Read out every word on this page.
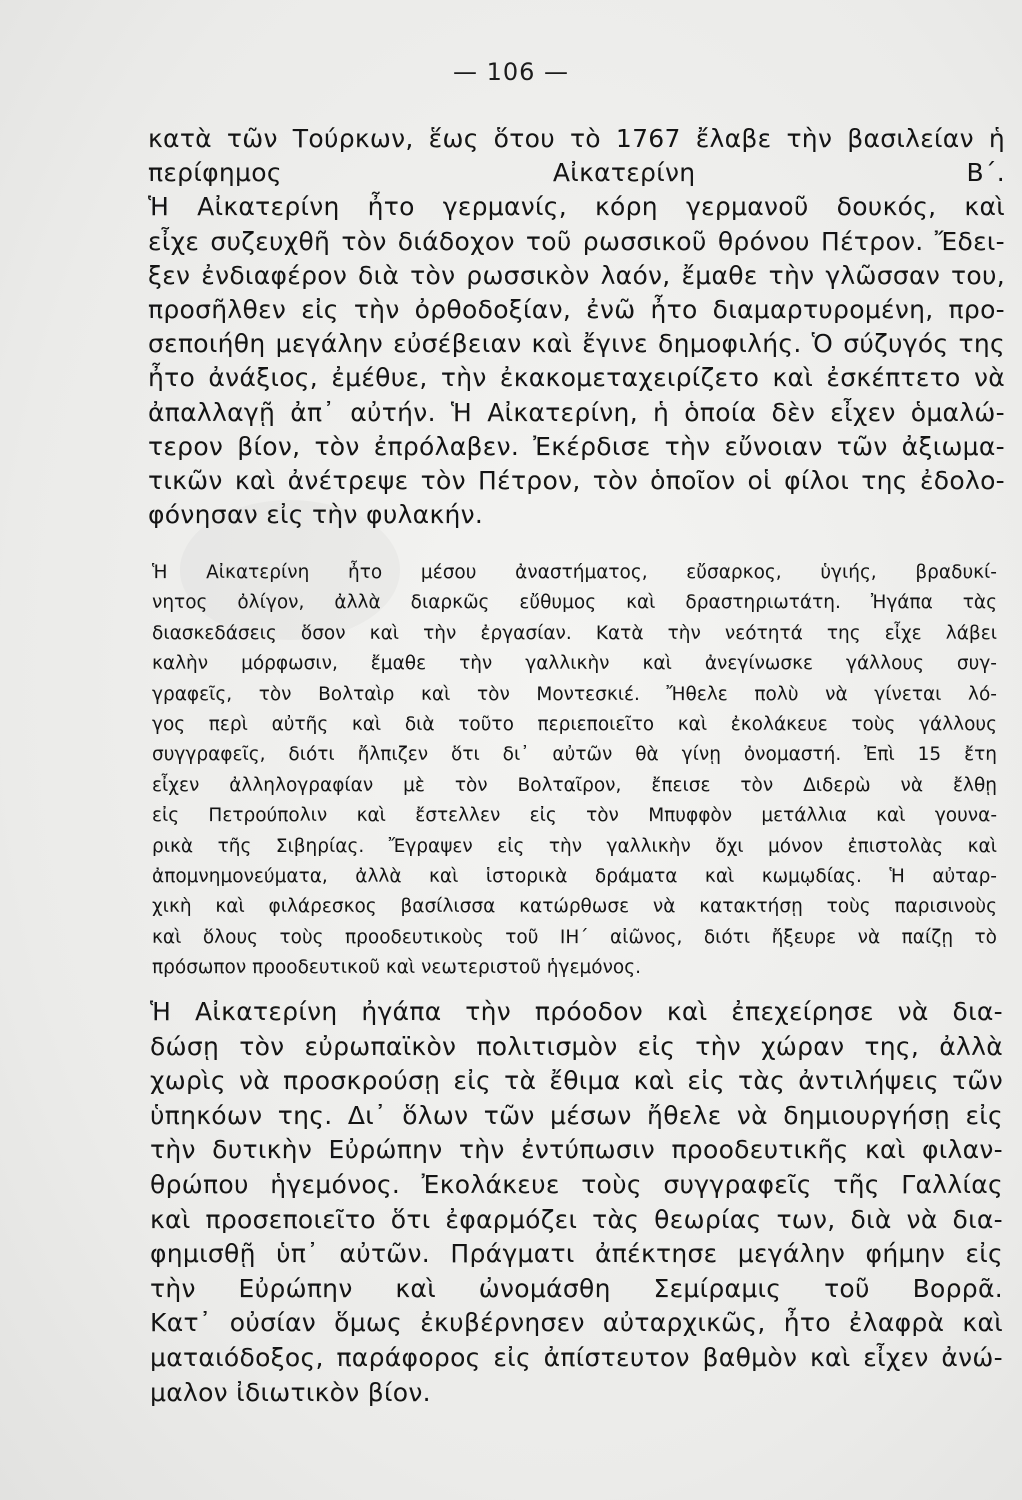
— 106 —
κατὰ τῶν Τούρκων, ἕως ὅτου τὸ 1767 ἔλαβε τὴν βασιλείαν ἡ
περίφημος Αἰκατερίνη Β΄.
Ἡ Αἰκατερίνη ἦτο γερμανίς, κόρη γερμανοῦ δουκός, καὶ
εἶχε συζευχθῆ τὸν διάδοχον τοῦ ρωσσικοῦ θρόνου Πέτρον. Ἔδει-
ξεν ἐνδιαφέρον διὰ τὸν ρωσσικὸν λαόν, ἔμαθε τὴν γλῶσσαν του,
προσῆλθεν εἰς τὴν ὀρθοδοξίαν, ἐνῶ ἦτο διαμαρτυρομένη, προ-
σεποιήθη μεγάλην εὐσέβειαν καὶ ἔγινε δημοφιλής. Ὁ σύζυγός της
ἦτο ἀνάξιος, ἐμέθυε, τὴν ἐκακομεταχειρίζετο καὶ ἐσκέπτετο νὰ
ἀπαλλαγῇ ἀπ᾽ αὐτήν. Ἡ Αἰκατερίνη, ἡ ὁποία δὲν εἶχεν ὁμαλώ-
τερον βίον, τὸν ἐπρόλαβεν. Ἐκέρδισε τὴν εὔνοιαν τῶν ἀξιωμα-
τικῶν καὶ ἀνέτρεψε τὸν Πέτρον, τὸν ὁποῖον οἱ φίλοι της ἐδολο-
φόνησαν εἰς τὴν φυλακήν.
Ἡ Αἰκατερίνη ἦτο μέσου ἀναστήματος, εὔσαρκος, ὑγιής, βραδυκί-
νητος ὀλίγον, ἀλλὰ διαρκῶς εὔθυμος καὶ δραστηριωτάτη. Ἠγάπα τὰς
διασκεδάσεις ὅσον καὶ τὴν ἐργασίαν. Κατὰ τὴν νεότητά της εἶχε λάβει
καλὴν μόρφωσιν, ἔμαθε τὴν γαλλικὴν καὶ ἀνεγίνωσκε γάλλους συγ-
γραφεῖς, τὸν Βολταὶρ καὶ τὸν Μοντεσκιέ. Ἤθελε πολὺ νὰ γίνεται λό-
γος περὶ αὐτῆς καὶ διὰ τοῦτο περιεποιεῖτο καὶ ἐκολάκευε τοὺς γάλλους
συγγραφεῖς, διότι ἤλπιζεν ὅτι δι᾽ αὐτῶν θὰ γίνῃ ὀνομαστή. Ἐπὶ 15 ἔτη
εἶχεν ἀλληλογραφίαν μὲ τὸν Βολταῖρον, ἔπεισε τὸν Διδερὼ νὰ ἔλθῃ
εἰς Πετρούπολιν καὶ ἔστελλεν εἰς τὸν Μπυφφὸν μετάλλια καὶ γουνα-
ρικὰ τῆς Σιβηρίας. Ἔγραψεν εἰς τὴν γαλλικὴν ὄχι μόνον ἐπιστολὰς καὶ
ἀπομνημονεύματα, ἀλλὰ καὶ ἱστορικὰ δράματα καὶ κωμῳδίας. Ἡ αὐταρ-
χικὴ καὶ φιλάρεσκος βασίλισσα κατώρθωσε νὰ κατακτήσῃ τοὺς παρισινοὺς
καὶ ὅλους τοὺς προοδευτικοὺς τοῦ ΙΗ΄ αἰῶνος, διότι ἤξευρε νὰ παίζῃ τὸ
πρόσωπον προοδευτικοῦ καὶ νεωτεριστοῦ ἡγεμόνος.
Ἡ Αἰκατερίνη ἠγάπα τὴν πρόοδον καὶ ἐπεχείρησε νὰ δια-
δώσῃ τὸν εὐρωπαϊκὸν πολιτισμὸν εἰς τὴν χώραν της, ἀλλὰ
χωρὶς νὰ προσκρούσῃ εἰς τὰ ἔθιμα καὶ εἰς τὰς ἀντιλήψεις τῶν
ὑπηκόων της. Δι᾽ ὅλων τῶν μέσων ἤθελε νὰ δημιουργήσῃ εἰς
τὴν δυτικὴν Εὐρώπην τὴν ἐντύπωσιν προοδευτικῆς καὶ φιλαν-
θρώπου ἡγεμόνος. Ἐκολάκευε τοὺς συγγραφεῖς τῆς Γαλλίας
καὶ προσεποιεῖτο ὅτι ἐφαρμόζει τὰς θεωρίας των, διὰ νὰ δια-
φημισθῇ ὑπ᾽ αὐτῶν. Πράγματι ἀπέκτησε μεγάλην φήμην εἰς
τὴν Εὐρώπην καὶ ὠνομάσθη Σεμίραμις τοῦ Βορρᾶ.
Κατ᾽ οὐσίαν ὅμως ἐκυβέρνησεν αὐταρχικῶς, ἦτο ἐλαφρὰ καὶ
ματαιόδοξος, παράφορος εἰς ἀπίστευτον βαθμὸν καὶ εἶχεν ἀνώ-
μαλον ἰδιωτικὸν βίον.
